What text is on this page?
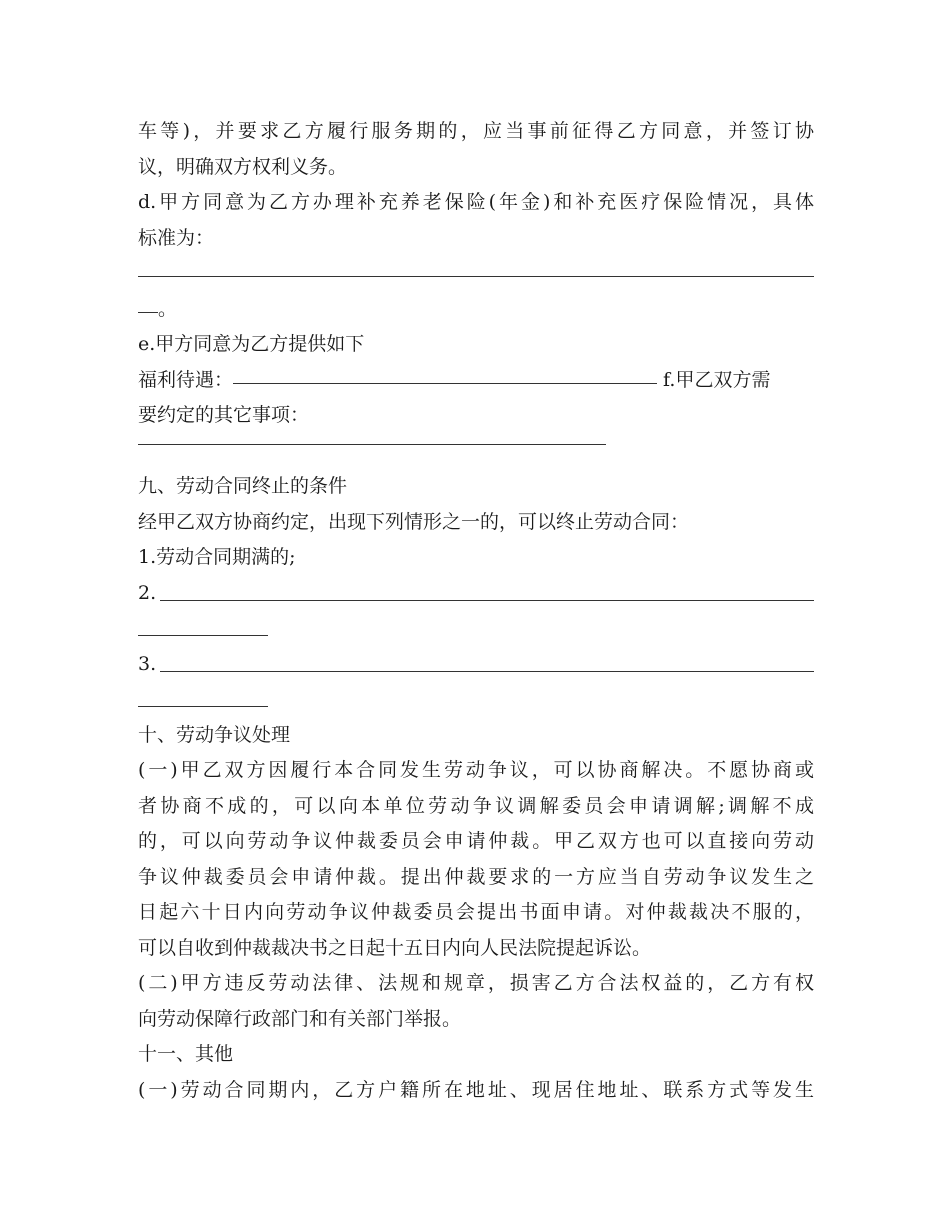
车等)，并要求乙方履行服务期的，应当事前征得乙方同意，并签订协
议，明确双方权利义务。
d.甲方同意为乙方办理补充养老保险(年金)和补充医疗保险情况，具体
标准为：
。
e.甲方同意为乙方提供如下
福利待遇：	f.甲乙双方需
要约定的其它事项：
九、劳动合同终止的条件
经甲乙双方协商约定，出现下列情形之一的，可以终止劳动合同：
1.劳动合同期满的;
2.
3.
十、劳动争议处理
(一)甲乙双方因履行本合同发生劳动争议，可以协商解决。不愿协商或
者协商不成的，可以向本单位劳动争议调解委员会申请调解;调解不成
的，可以向劳动争议仲裁委员会申请仲裁。甲乙双方也可以直接向劳动
争议仲裁委员会申请仲裁。提出仲裁要求的一方应当自劳动争议发生之
日起六十日内向劳动争议仲裁委员会提出书面申请。对仲裁裁决不服的，
可以自收到仲裁裁决书之日起十五日内向人民法院提起诉讼。
(二)甲方违反劳动法律、法规和规章，损害乙方合法权益的，乙方有权
向劳动保障行政部门和有关部门举报。
十一、其他
(一)劳动合同期内，乙方户籍所在地址、现居住地址、联系方式等发生
